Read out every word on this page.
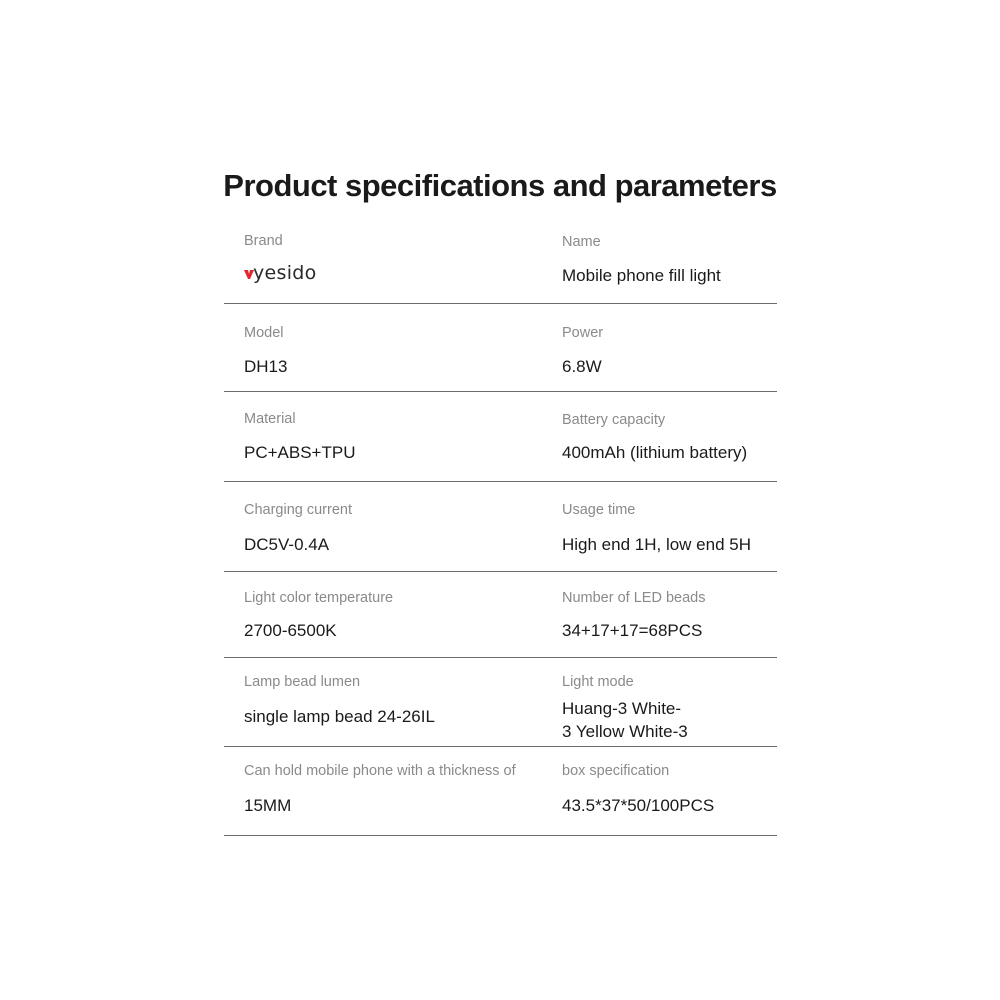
Product specifications and parameters
Brand
yesido
Name
Mobile phone fill light
Model
DH13
Power
6.8W
Material
PC+ABS+TPU
Battery capacity
400mAh (lithium battery)
Charging current
DC5V-0.4A
Usage time
High end 1H, low end 5H
Light color temperature
2700-6500K
Number of LED beads
34+17+17=68PCS
Lamp bead lumen
single lamp bead 24-26IL
Light mode
Huang-3 White-
3 Yellow White-3
Can hold mobile phone with a thickness of
15MM
box specification
43.5*37*50/100PCS
